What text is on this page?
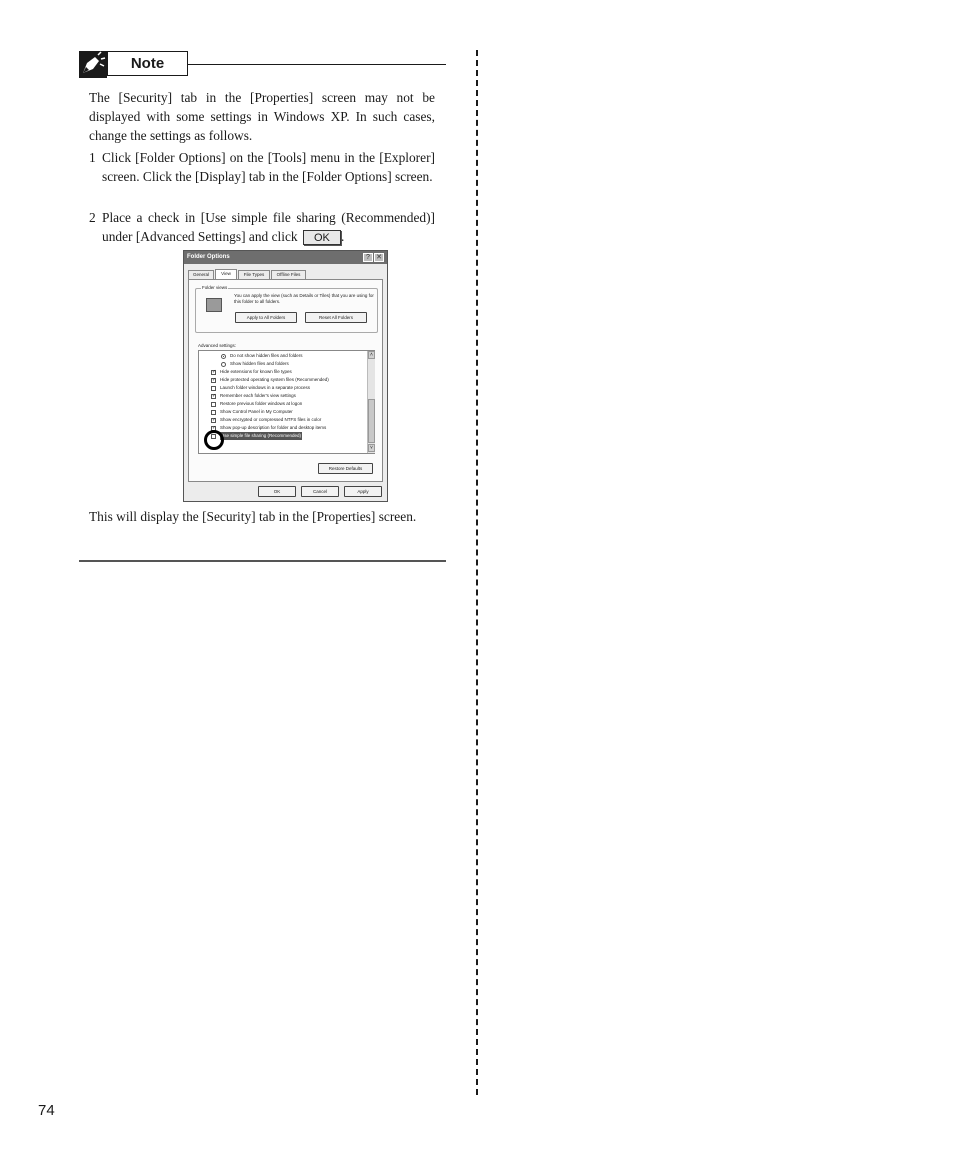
Note
The [Security] tab in the [Properties] screen may not be displayed with some settings in Windows XP. In such cases, change the settings as follows.
1 Click [Folder Options] on the [Tools] menu in the [Explorer] screen. Click the [Display] tab in the [Folder Options] screen.
2 Place a check in [Use simple file sharing (Recommended)] under [Advanced Settings] and click OK .
Folder Options	? ✕
General	View	File Types	Offline Files
Folder views
You can apply the view (such as Details or Tiles) that you are using for this folder to all folders.
Apply to All Folders	Reset All Folders
Advanced settings:
Do not show hidden files and folders
Show hidden files and folders
✓ Hide extensions for known file types
✓ Hide protected operating system files (Recommended)
Launch folder windows in a separate process
✓ Remember each folder's view settings
Restore previous folder windows at logon
Show Control Panel in My Computer
✓ Show encrypted or compressed NTFS files in color
✓ Show pop-up description for folder and desktop items
Use simple file sharing (Recommended)
˄
˅
Restore Defaults
OK	Cancel	Apply
This will display the [Security] tab in the [Properties] screen.
74
